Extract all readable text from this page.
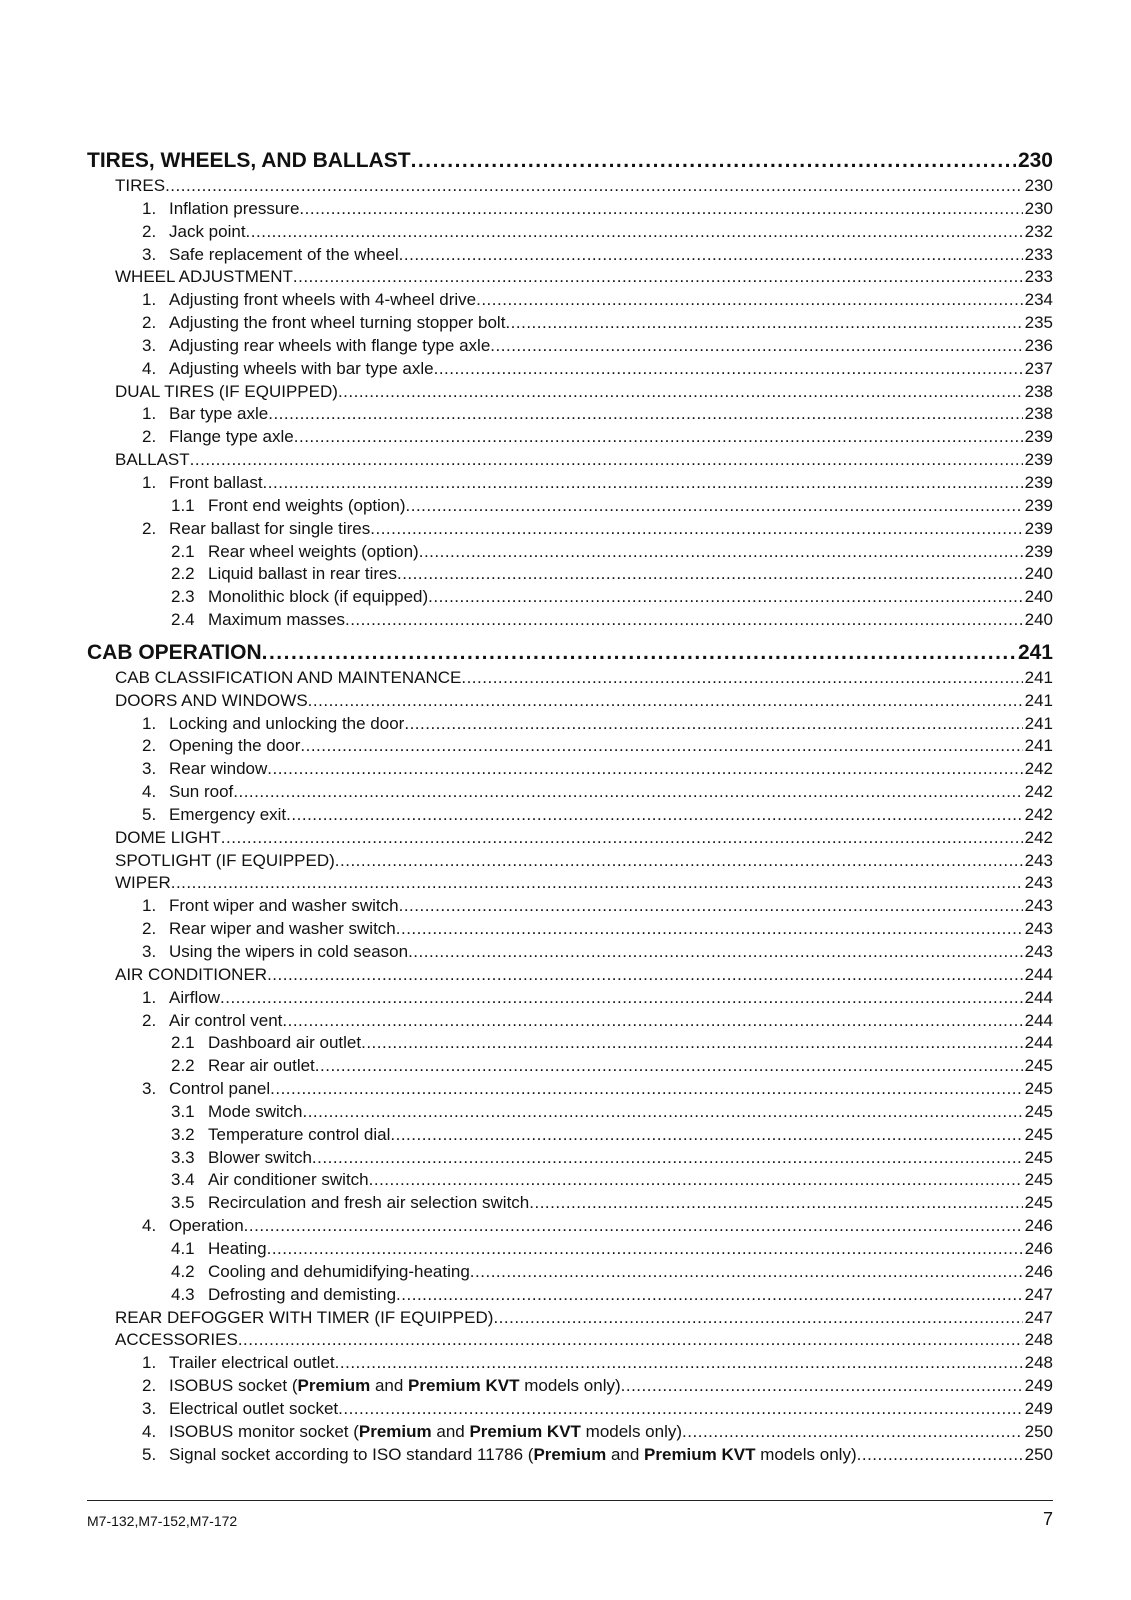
TIRES, WHEELS, AND BALLAST .....	230
TIRES .....	230
1. Inflation pressure .....	230
2. Jack point .....	232
3. Safe replacement of the wheel .....	233
WHEEL ADJUSTMENT .....	233
1. Adjusting front wheels with 4-wheel drive .....	234
2. Adjusting the front wheel turning stopper bolt .....	235
3. Adjusting rear wheels with flange type axle .....	236
4. Adjusting wheels with bar type axle .....	237
DUAL TIRES (IF EQUIPPED) .....	238
1. Bar type axle .....	238
2. Flange type axle .....	239
BALLAST .....	239
1. Front ballast .....	239
1.1 Front end weights (option) .....	239
2. Rear ballast for single tires .....	239
2.1 Rear wheel weights (option) .....	239
2.2 Liquid ballast in rear tires .....	240
2.3 Monolithic block (if equipped) .....	240
2.4 Maximum masses .....	240
CAB OPERATION .....	241
CAB CLASSIFICATION AND MAINTENANCE .....	241
DOORS AND WINDOWS .....	241
1. Locking and unlocking the door .....	241
2. Opening the door .....	241
3. Rear window .....	242
4. Sun roof .....	242
5. Emergency exit .....	242
DOME LIGHT .....	242
SPOTLIGHT (IF EQUIPPED) .....	243
WIPER .....	243
1. Front wiper and washer switch .....	243
2. Rear wiper and washer switch .....	243
3. Using the wipers in cold season .....	243
AIR CONDITIONER .....	244
1. Airflow .....	244
2. Air control vent .....	244
2.1 Dashboard air outlet .....	244
2.2 Rear air outlet .....	245
3. Control panel .....	245
3.1 Mode switch .....	245
3.2 Temperature control dial .....	245
3.3 Blower switch .....	245
3.4 Air conditioner switch .....	245
3.5 Recirculation and fresh air selection switch .....	245
4. Operation .....	246
4.1 Heating .....	246
4.2 Cooling and dehumidifying-heating .....	246
4.3 Defrosting and demisting .....	247
REAR DEFOGGER WITH TIMER (IF EQUIPPED) .....	247
ACCESSORIES .....	248
1. Trailer electrical outlet .....	248
2. ISOBUS socket (Premium and Premium KVT models only) .....	249
3. Electrical outlet socket .....	249
4. ISOBUS monitor socket (Premium and Premium KVT models only) .....	250
5. Signal socket according to ISO standard 11786 (Premium and Premium KVT models only) .....	250
M7-132,M7-152,M7-172	7
